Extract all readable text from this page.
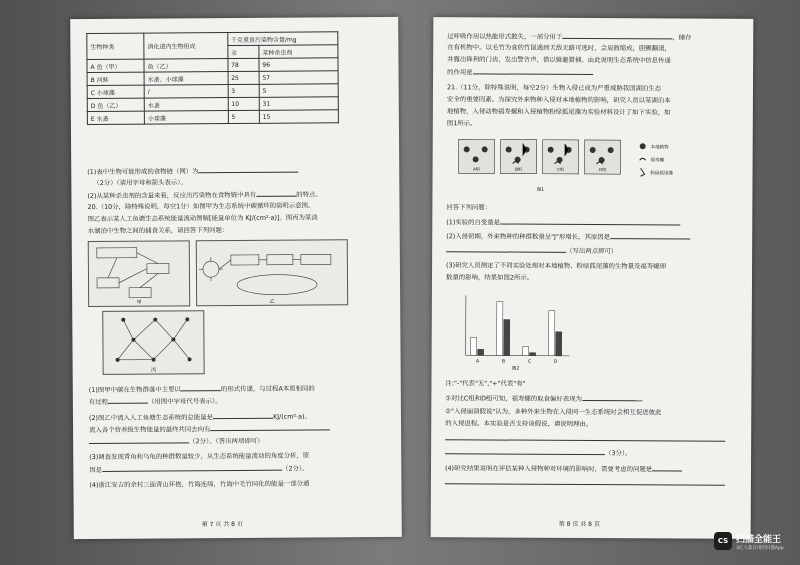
生物种类	消化道内生物组成	千克重鱼污染物含量/mg	
		汞	某种杀虫剂
A 鱼（甲）	鱼（乙）	78	96
B 河蚌	水蚤、小球藻	25	57
C 小球藻	/	3	5
D 鱼（乙）	水蚤	10	31
E 水蚤	小球藻	5	15
(1)表中生物可能形成的食物链（网）为
（2分）（请用字母和箭头表示）。
(2)从某种杀虫剂的含量来看，反应出污染物在食物链中具有	的特点。
20.（10分，除特殊说明，每空1分）如图甲为生态系统中碳循环的简明示意图。
图乙表示某人工鱼塘生态系统能量流动图解[能量单位为 KJ/(cm²·a)]。图丙为某淡
水湖泊中生物之间的捕食关系，请回答下列问题：
甲	乙
丙
(1)图甲中碳在生物群落中主要以	的形式传递，与过程A本质相同的
有过程	（用图中字母代号表示）。
(2)图乙中流入人工鱼塘生态系统的总能量是	KJ/(cm²·a)。
流入各个营养级生物能量的最终共同去向有
（2分）。（答出两项即可）
(3)调查发现青鱼和乌龟的种群数量较少，从生态系统能量流动的角度分析，原
因是	（2分）。
(4)浙江安吉的余村三面青山环抱，竹海连绵，竹海中毛竹同化的能量一部分通
第 7 页 共 8 页
过呼吸作用以热能形式散失，一部分用于	，储存
在有机物中。以毛竹为食的竹鼠遇到天敌无路可逃时，会肩鼓缩成，胆颤翻滚，
并露出锋利的门齿，发出警告声，借以躲避猎捕。由此说明生态系统中信息传递
的作用是
21.（11分，除特殊说明，每空2分）生物入侵已成为严重威胁我国湖泊生态
安全的重要因素。为探究外来物种入侵对本地植物的影响，研究人员以某湖泊本
地植物，入侵动物福寿螺和入侵植物粉绿狐尾藻为实验材料设计了如下实验，如
图1所示。
A组	B组	C组	D组
本地植物
福寿螺
粉绿狐尾藻
图1
回答下列问题：
(1)实验的自变量是
(2)入侵初期，外来物种的种群数量呈"J"形增长，其原因是
（写出两点即可）
(3)研究人员测定了不同实验处理对本地植物、粉绿狐尾藻的生物量及福寿螺卵
数量的影响，结果如图2所示。
A	B	C	D
图2
注:"-"代表"无","+"代表"有"
①对比C组和D组可知，福寿螺的取食偏好表现为
②"入侵崩溃假说"认为，多种外来生物在入侵同一生态系统时会相互促进彼此
的入侵进程。本实验是否支持该假说，请说明理由。
（3分）。
(4)研究结果说明在评估某种入侵物种对环境的影响时，需要考虑的问题是
第 8 页 共 8 页
CS 扫描全能王
3亿人都在用的扫描App
